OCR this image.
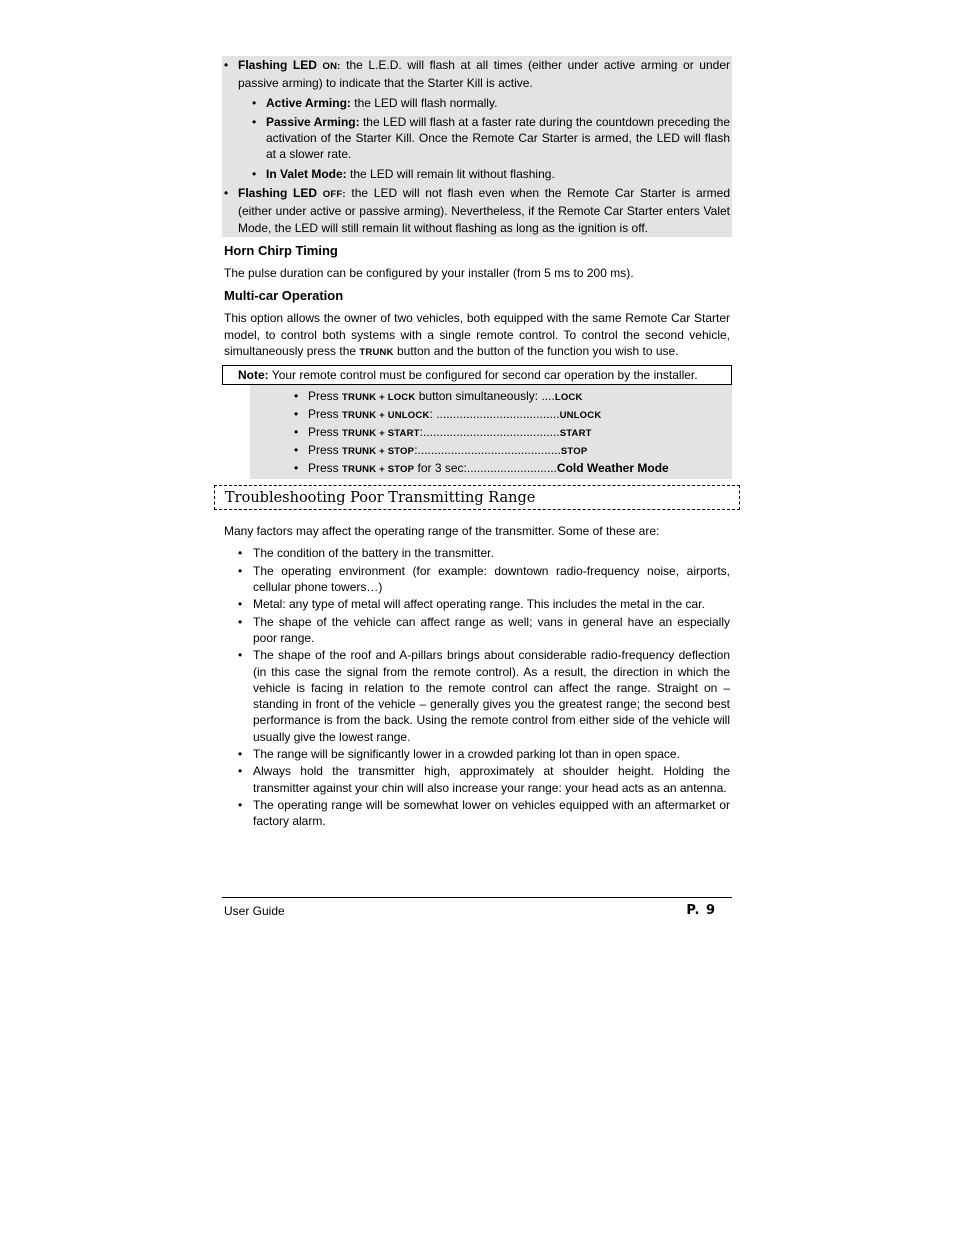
• Flashing LED ON: the L.E.D. will flash at all times (either under active arming or under passive arming) to indicate that the Starter Kill is active.
• Active Arming: the LED will flash normally.
• Passive Arming: the LED will flash at a faster rate during the countdown preceding the activation of the Starter Kill. Once the Remote Car Starter is armed, the LED will flash at a slower rate.
• In Valet Mode: the LED will remain lit without flashing.
• Flashing LED OFF: the LED will not flash even when the Remote Car Starter is armed (either under active or passive arming). Nevertheless, if the Remote Car Starter enters Valet Mode, the LED will still remain lit without flashing as long as the ignition is off.
Horn Chirp Timing

The pulse duration can be configured by your installer (from 5 ms to 200 ms).

Multi-car Operation

This option allows the owner of two vehicles, both equipped with the same Remote Car Starter model, to control both systems with a single remote control. To control the second vehicle, simultaneously press the TRUNK button and the button of the function you wish to use.

Note: Your remote control must be configured for second car operation by the installer.
• Press TRUNK + LOCK button simultaneously: ....LOCK
• Press TRUNK + UNLOCK: .....................................UNLOCK
• Press TRUNK + START:.........................................START
• Press TRUNK + STOP:...........................................STOP
• Press TRUNK + STOP for 3 sec:...........................Cold Weather Mode
Troubleshooting Poor Transmitting Range

Many factors may affect the operating range of the transmitter. Some of these are:

• The condition of the battery in the transmitter.
• The operating environment (for example: downtown radio-frequency noise, airports, cellular phone towers…)
• Metal: any type of metal will affect operating range. This includes the metal in the car.
• The shape of the vehicle can affect range as well; vans in general have an especially poor range.
• The shape of the roof and A-pillars brings about considerable radio-frequency deflection (in this case the signal from the remote control). As a result, the direction in which the vehicle is facing in relation to the remote control can affect the range. Straight on – standing in front of the vehicle – generally gives you the greatest range; the second best performance is from the back. Using the remote control from either side of the vehicle will usually give the lowest range.
• The range will be significantly lower in a crowded parking lot than in open space.
• Always hold the transmitter high, approximately at shoulder height. Holding the transmitter against your chin will also increase your range: your head acts as an antenna.
• The operating range will be somewhat lower on vehicles equipped with an aftermarket or factory alarm.
User Guide	P. 9
